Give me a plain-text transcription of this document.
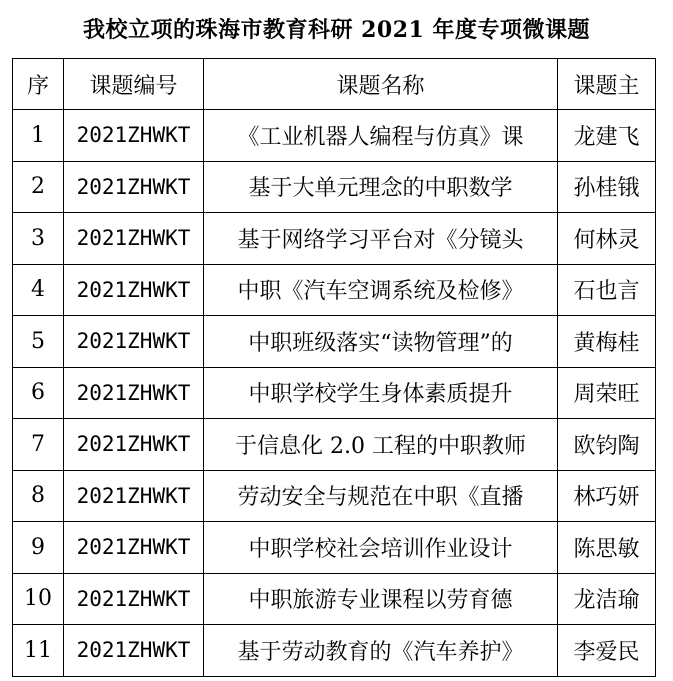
我校立项的珠海市教育科研 2021 年度专项微课题
序	课题编号	课题名称	课题主
1	2021ZHWKT	《工业机器人编程与仿真》课	龙建飞
2	2021ZHWKT	基于大单元理念的中职数学	孙桂锇
3	2021ZHWKT	基于网络学习平台对《分镜头	何林灵
4	2021ZHWKT	中职《汽车空调系统及检修》	石也言
5	2021ZHWKT	中职班级落实“读物管理”的	黄梅桂
6	2021ZHWKT	中职学校学生身体素质提升	周荣旺
7	2021ZHWKT	于信息化 2.0 工程的中职教师	欧钧陶
8	2021ZHWKT	劳动安全与规范在中职《直播	林巧妍
9	2021ZHWKT	中职学校社会培训作业设计	陈思敏
10	2021ZHWKT	中职旅游专业课程以劳育德	龙洁瑜
11	2021ZHWKT	基于劳动教育的《汽车养护》	李爱民
